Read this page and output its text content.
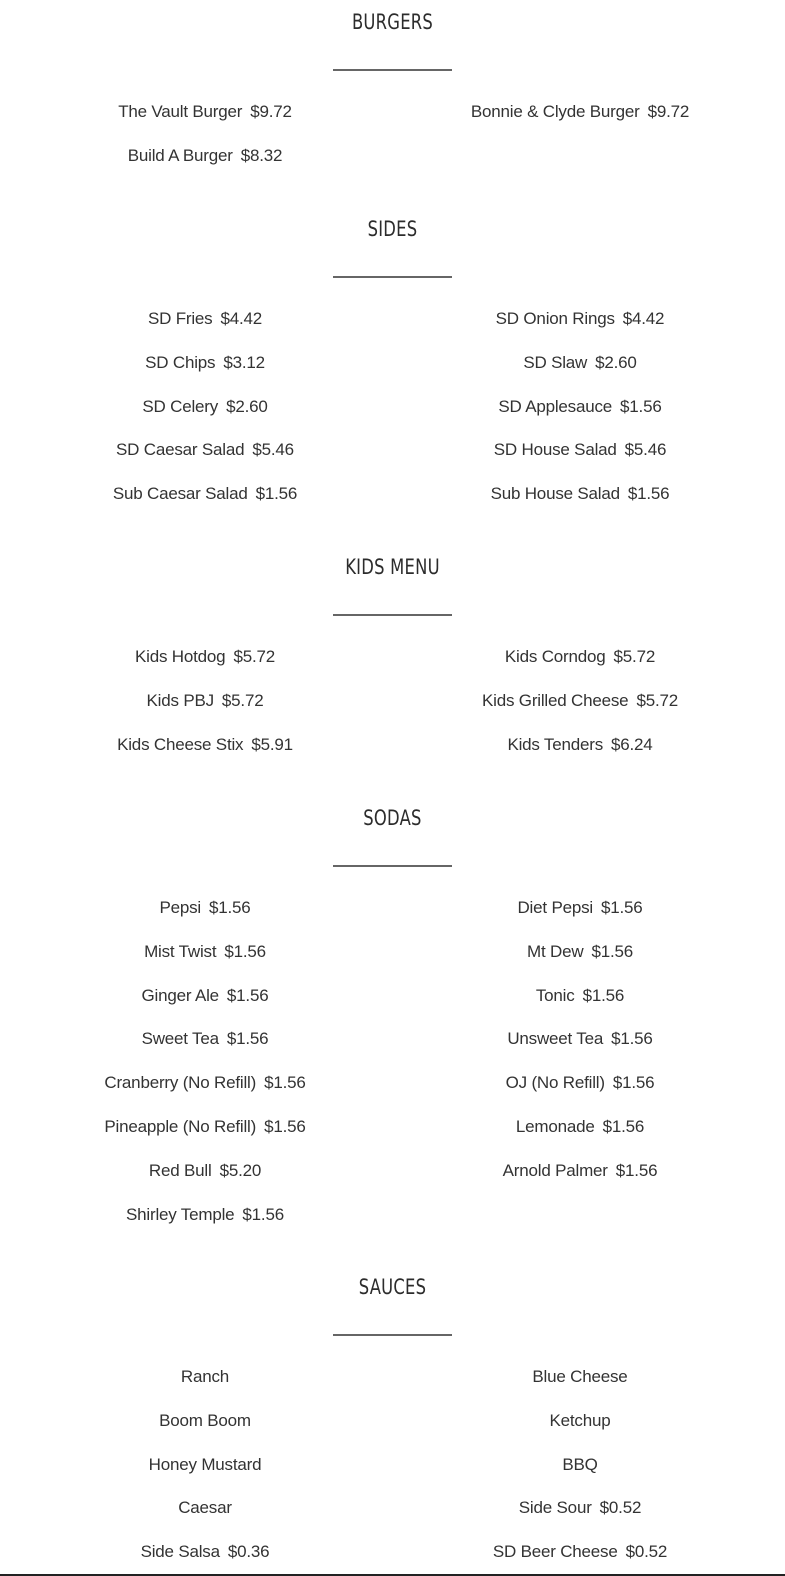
BURGERS
The Vault Burger $9.72	Bonnie & Clyde Burger $9.72
Build A Burger $8.32
SIDES
SD Fries $4.42	SD Onion Rings $4.42
SD Chips $3.12	SD Slaw $2.60
SD Celery $2.60	SD Applesauce $1.56
SD Caesar Salad $5.46	SD House Salad $5.46
Sub Caesar Salad $1.56	Sub House Salad $1.56
KIDS MENU
Kids Hotdog $5.72	Kids Corndog $5.72
Kids PBJ $5.72	Kids Grilled Cheese $5.72
Kids Cheese Stix $5.91	Kids Tenders $6.24
SODAS
Pepsi $1.56	Diet Pepsi $1.56
Mist Twist $1.56	Mt Dew $1.56
Ginger Ale $1.56	Tonic $1.56
Sweet Tea $1.56	Unsweet Tea $1.56
Cranberry (No Refill) $1.56	OJ (No Refill) $1.56
Pineapple (No Refill) $1.56	Lemonade $1.56
Red Bull $5.20	Arnold Palmer $1.56
Shirley Temple $1.56
SAUCES
Ranch	Blue Cheese
Boom Boom	Ketchup
Honey Mustard	BBQ
Caesar	Side Sour $0.52
Side Salsa $0.36	SD Beer Cheese $0.52
